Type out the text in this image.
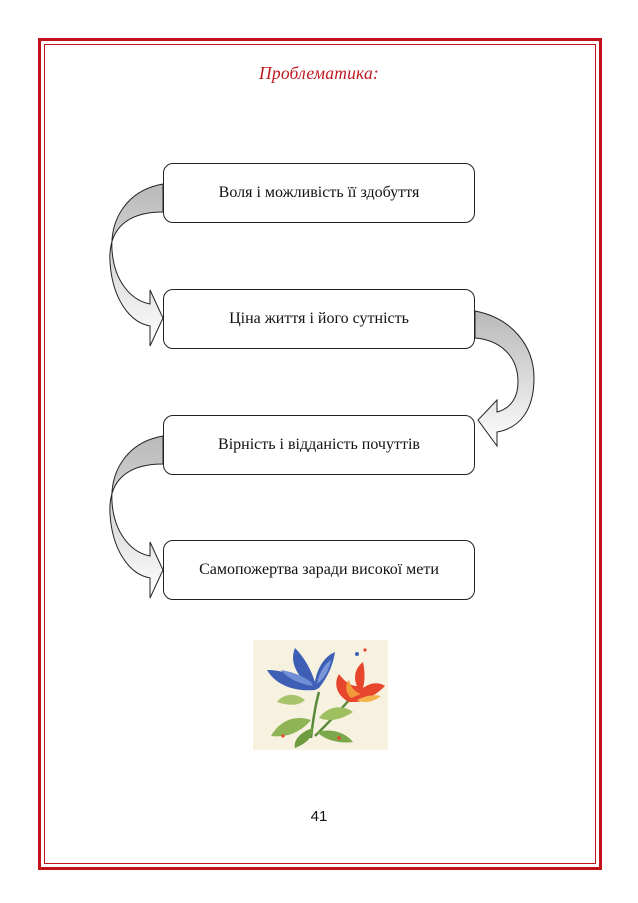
Проблематика:
Воля і можливість її здобуття
Ціна життя і його сутність
Вірність і відданість почуттів
Самопожертва заради високої мети
41
